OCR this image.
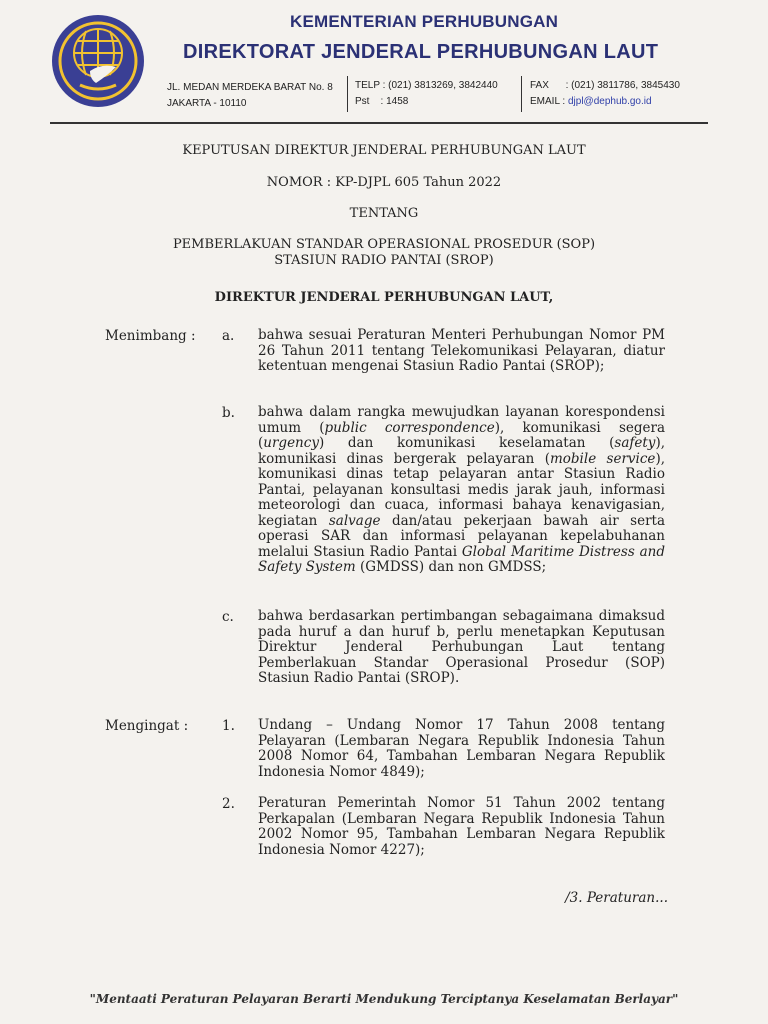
KEMENTERIAN PERHUBUNGAN
DIREKTORAT JENDERAL PERHUBUNGAN LAUT
JL. MEDAN MERDEKA BARAT No. 8
JAKARTA - 10110
TELP : (021) 3813269, 3842440
Pst    : 1458
FAX      : (021) 3811786, 3845430
EMAIL : djpl@dephub.go.id
KEPUTUSAN DIREKTUR JENDERAL PERHUBUNGAN LAUT
NOMOR : KP-DJPL 605 Tahun 2022
TENTANG
PEMBERLAKUAN STANDAR OPERASIONAL PROSEDUR (SOP)
STASIUN RADIO PANTAI (SROP)
DIREKTUR JENDERAL PERHUBUNGAN LAUT,
Menimbang : a. bahwa sesuai Peraturan Menteri Perhubungan Nomor PM 26 Tahun 2011 tentang Telekomunikasi Pelayaran, diatur ketentuan mengenai Stasiun Radio Pantai (SROP);
b. bahwa dalam rangka mewujudkan layanan korespondensi umum (public correspondence), komunikasi segera (urgency) dan komunikasi keselamatan (safety), komunikasi dinas bergerak pelayaran (mobile service), komunikasi dinas tetap pelayaran antar Stasiun Radio Pantai, pelayanan konsultasi medis jarak jauh, informasi meteorologi dan cuaca, informasi bahaya kenavigasian, kegiatan salvage dan/atau pekerjaan bawah air serta operasi SAR dan informasi pelayanan kepelabuhanan melalui Stasiun Radio Pantai Global Maritime Distress and Safety System (GMDSS) dan non GMDSS;
c. bahwa berdasarkan pertimbangan sebagaimana dimaksud pada huruf a dan huruf b, perlu menetapkan Keputusan Direktur Jenderal Perhubungan Laut tentang Pemberlakuan Standar Operasional Prosedur (SOP) Stasiun Radio Pantai (SROP).
Mengingat :	1. Undang – Undang Nomor 17 Tahun 2008 tentang Pelayaran (Lembaran Negara Republik Indonesia Tahun 2008 Nomor 64, Tambahan Lembaran Negara Republik Indonesia Nomor 4849);
2. Peraturan Pemerintah Nomor 51 Tahun 2002 tentang Perkapalan (Lembaran Negara Republik Indonesia Tahun 2002 Nomor 95, Tambahan Lembaran Negara Republik Indonesia Nomor 4227);
/3. Peraturan...
"Mentaati Peraturan Pelayaran Berarti Mendukung Terciptanya Keselamatan Berlayar"
